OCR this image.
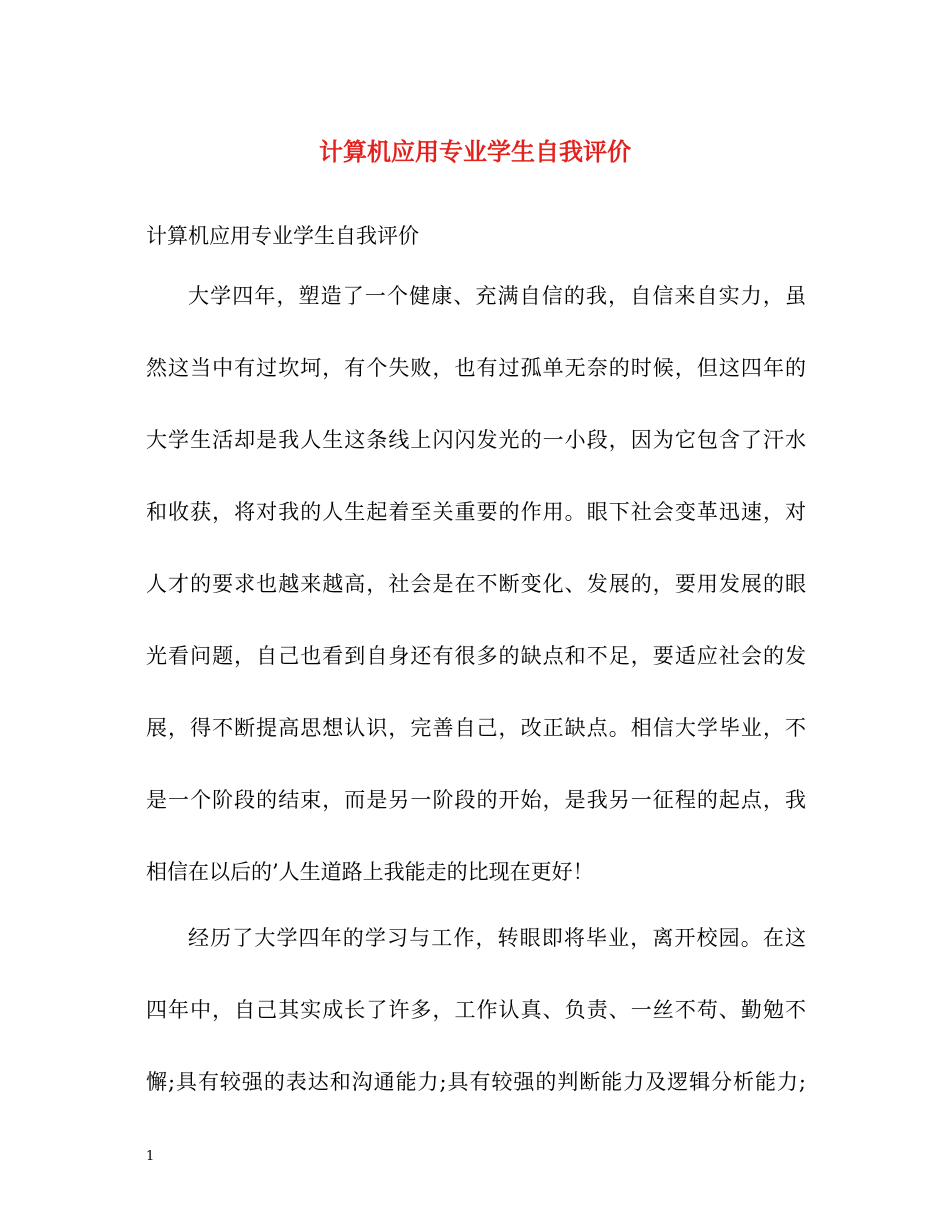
计算机应用专业学生自我评价

计算机应用专业学生自我评价

大学四年，塑造了一个健康、充满自信的我，自信来自实力，虽

然这当中有过坎坷，有个失败，也有过孤单无奈的时候，但这四年的

大学生活却是我人生这条线上闪闪发光的一小段，因为它包含了汗水

和收获，将对我的人生起着至关重要的作用。眼下社会变革迅速，对

人才的要求也越来越高，社会是在不断变化、发展的，要用发展的眼

光看问题，自己也看到自身还有很多的缺点和不足，要适应社会的发

展，得不断提高思想认识，完善自己，改正缺点。相信大学毕业，不

是一个阶段的结束，而是另一阶段的开始，是我另一征程的起点，我

相信在以后的’人生道路上我能走的比现在更好！

经历了大学四年的学习与工作，转眼即将毕业，离开校园。在这

四年中，自己其实成长了许多，工作认真、负责、一丝不苟、勤勉不

懈;具有较强的表达和沟通能力;具有较强的判断能力及逻辑分析能力;

1
